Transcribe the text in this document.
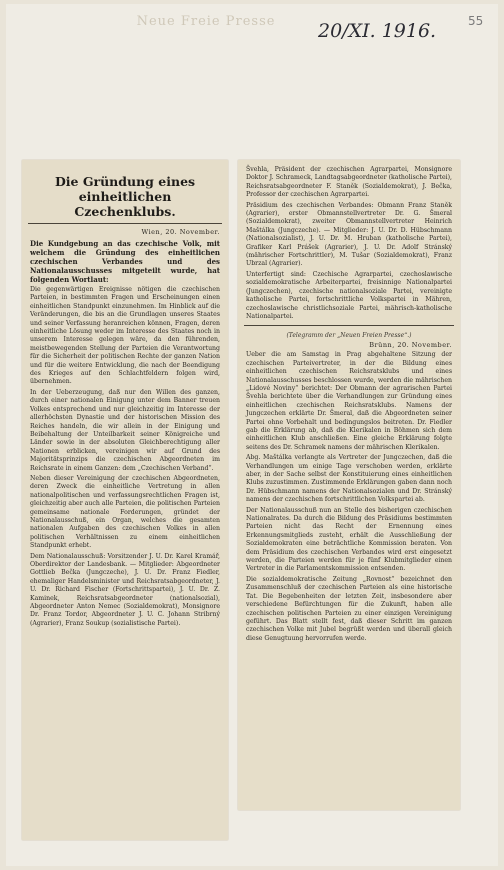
Neue Freie Presse	20/XI. 1916.	55
Die Gründung eines einheitlichen Czechenklubs.
Wien, 20. November.
Die Kundgebung an das czechische Volk, mit welchem die Gründung des einheitlichen czechischen Verbandes und des Nationalausschusses mitgeteilt wurde, hat folgenden Wortlaut:

Die gegenwärtigen Ereignisse nötigen die czechischen Parteien, in bestimmten Fragen und Erscheinungen einen einheitlichen Standpunkt einzunehmen. Im Hinblick auf die Veränderungen, die bis an die Grundlagen unseres Staates und seiner Verfassung heranreichen können, Fragen, deren einheitliche Lösung weder im Interesse des Staates noch in unserem Interesse gelegen wäre, da den führenden, meistbewegenden Stellung der Parteien die Verantwortung für die Sicherheit der politischen Rechte der ganzen Nation und für die weitere Entwicklung, die nach der Beendigung des Krieges auf den Schlachtfeldern folgen wird, übernehmen.

In der Ueberzeugung, daß nur den Willen des ganzen, durch einer nationalen Einigung unter dem Banner treuen Volkes entsprechend und nur gleichzeitig im Interesse der allerhöchsten Dynastie und der historischen Mission des Reiches handeln, die wir allein in der Einigung und Beibehaltung der Unteilbarkeit seiner Königreiche und Länder sowie in der absoluten Gleichberechtigung aller Nationen erblicken, vereinigen wir auf Grund des Majoritätsprinzips die czechischen Abgeordneten im Reichsrate in einem Ganzen: dem „Czechischen Verband“.

Neben dieser Vereinigung der czechischen Abgeordneten, deren Zweck die einheitliche Vertretung in allen nationalpolitischen und verfassungsrechtlichen Fragen ist, gleichzeitig aber auch alle Parteien, die politischen Parteien gemeinsame nationale Forderungen, gründet der Nationalausschuß, ein Organ, welches die gesamten nationalen Aufgaben des czechischen Volkes in allen politischen Verhältnissen zu einem einheitlichen Standpunkt erhebt.

Dem Nationalausschuß: Vorsitzender J. U. Dr. Karel Kramář, Oberdirektor der Landesbank. — Mitglieder: Abgeordneter Gottlieb Bečka (Jungczeche), J. U. Dr. Franz Fiedler, ehemaliger Handelsminister und Reichsratsabgeordneter, J. U. Dr. Richard Fischer (Fortschrittspartei), J. U. Dr. Z. Kaminek, Reichsratsabgeordneter (nationalsozial), Abgeordneter Anton Nemec (Sozialdemokrat), Monsignore Dr. Franz Tordor, Abgeordneter J. U. C. Johann Stribrný (Agrarier), Franz Soukup (sozialistische Partei).

Švehla, Präsident der czechischen Agrarpartei, Monsignore Doktor J. Schrameck, Landtagsabgeordneter (katholische Partei), Reichsratsabgeordneter F. Staněk (Sozialdemokrat), J. Bečka, Professor der czechischen Agrarpartei.

Präsidium des czechischen Verbandes: Obmann Franz Staněk (Agrarier), erster Obmannstellvertreter Dr. G. Šmeral (Sozialdemokrat), zweiter Obmannstellvertreter Heinrich Maštálka (Jungczeche). — Mitglieder: J. U. Dr. D. Hübschmann (Nationalsozialist), J. U. Dr. M. Hruban (katholische Partei), Grafiker Karl Prášek (Agrarier), J. U. Dr. Adolf Stránský (mährischer Fortschrittler), M. Tušar (Sozialdemokrat), Franz Ubrzal (Agrarier).

Unterfertigt sind: Czechische Agrarpartei, czechoslawische sozialdemokratische Arbeiterpartei, freisinnige Nationalpartei (Jungczechen), czechische nationalsoziale Partei, vereinigte katholische Partei, fortschrittliche Volkspartei in Mähren, czechoslawische christlichsoziale Partei, mährisch-katholische Nationalpartei.

(Telegramm der „Neuen Freien Presse“.)
Brünn, 20. November.

Ueber die am Samstag in Prag abgehaltene Sitzung der czechischen Parteivertreter, in der die Bildung eines einheitlichen czechischen Reichsratsklubs und eines Nationalausschusses beschlossen wurde, werden die mährischen „Lidové Noviny“ berichtet: Der Obmann der agrarischen Partei Švehla berichtete über die Verhandlungen zur Gründung eines einheitlichen czechischen Reichsratsklubs. Namens der Jungczechen erklärte Dr. Šmeral, daß die Abgeordneten seiner Partei ohne Vorbehalt und bedingungslos beitreten. Dr. Fiedler gab die Erklärung ab, daß die Klerikalen in Böhmen sich dem einheitlichen Klub anschließen. Eine gleiche Erklärung folgte seitens des Dr. Schramek namens der mährischen Klerikalen.

Abg. Maštálka verlangte als Vertreter der Jungczechen, daß die Verhandlungen um einige Tage verschoben werden, erklärte aber, in der Sache selbst der Konstituierung eines einheitlichen Klubs zuzustimmen. Zustimmende Erklärungen gaben dann noch Dr. Hübschmann namens der Nationalsozialen und Dr. Stránský namens der czechischen fortschrittlichen Volkspartei ab.

Der Nationalausschuß nun an Stelle des bisherigen czechischen Nationalrates. Da durch die Bildung des Präsidiums bestimmten Parteien nicht das Recht der Ernennung eines Erkennungsmitglieds zusteht, erhält die Ausschließung der Sozialdemokraten eine beträchtliche Kommission beraten. Von dem Präsidium des czechischen Verbandes wird erst eingesetzt werden, die Parteien werden für je fünf Klubmitglieder einen Vertreter in die Parlamentskommission entsenden.

Die sozialdemokratische Zeitung „Rovnost“ bezeichnet den Zusammenschluß der czechischen Parteien als eine historische Tat. Die Begebenheiten der letzten Zeit, insbesondere aber verschiedene Befürchtungen für die Zukunft, haben alle czechischen politischen Parteien zu einer einzigen Vereinigung geführt. Das Blatt stellt fest, daß dieser Schritt im ganzen czechischen Volke mit Jubel begrüßt werden und überall gleich diese Genugtuung hervorrufen werde.
